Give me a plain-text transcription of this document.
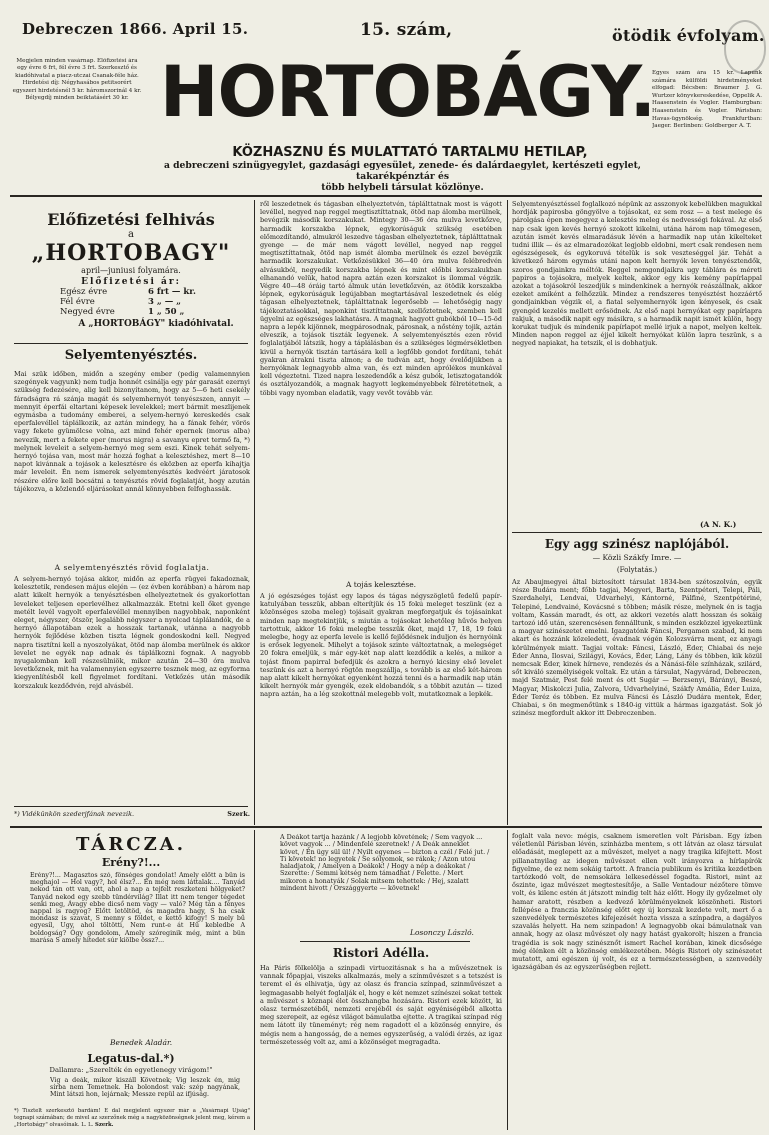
Debreczen 1866. April 15.	15. szám,	ötödik évfolyam.
Megjelen minden vasárnap. Előfizetési ára egy évre 6 frt, fél évre 3 frt. Szerkesztő és kiadóhivatal a piacz-utczai Csanak-féle ház. Hirdetési díj: Négyhasábos petitsorért egyszeri hirdetésnél 5 kr. háromszorinál 4 kr. Bélyegdíj minden beiktatásért 30 kr.
Egyes szám ára 15 kr. Lapunk számára külföldi hirdetményeket elfogad: Bécsben: Braumer J. G. Wurtzer könyvkereskedése, Oppelik A. Haasenstein és Vogler. Hamburgban: Haasenstein és Vogler. Párisban: Havas-ügynökség. Frankfurtban: Jaeger. Berlinben: Goldberger A. T.
HORTOBÁGY.
KÖZHASZNU ÉS MULATTATÓ TARTALMU HETILAP,
a debreczeni szinügyegylet, gazdasági egyesület, zenede- és dalárdaegylet, kertészeti egylet, takarékpénztár és
több helybeli társulat közlönye.
Előfizetési felhivás
a
„HORTOBAGY"
april—juniusi folyamára.
Előfizetési ár:
Egész évre	6 frt — kr.
Fél évre	3 „ — „
Negyed évre	1 „ 50 „
A „HORTOBÁGY" kiadóhivatal.
Selyemtenyésztés.
Mai szük időben, midőn a szegény ember (pedig valamennyien szegények vagyunk) nem tudja honnét csinálja egy pár garasát ezernyi szükség fedezésére, alig kell bizonyítanom, hogy az 5—6 heti csekély fáradságra rá szánja magát és selyemhernyót tenyészszen, annyit — mennyit éperfái eltartani képesek levelekkel; mert bármit meszlijenek egymásba a tudomány emberei, a selyem-hernyó kereskedés csak eperfalevéllel táplálkozik, az aztán mindegy, ha a fának fehér, vörös vagy fekete gyümölcse volna, azt mind fehér epernek (morus alba) nevezik, mert a fekete eper (morus nigra) a savanyu epret termő fa, *) melynek leveleit a selyem-hernyó meg sem eszi. Kinek tehát selyem-hernyó tojása van, most már hozzá foghat a kelesztéshez, mert 8—10 napot kivánnak a tojások a kelesztésre és eközben az eperfa kihajtja már leveleit. Én nem ismerek selyemtenyésztés kedvéért járatosok részére előre kell bocsátni a tenyésztés rövid foglalatját, hogy azután tájékozva, a közlendő eljárásokat annál könnyebben felfoghassák.
A selyemtenyésztés rövid foglalatja.
A selyem-hernyó tojása akkor, midőn az eperfa rügyei fakadoznak, kelesztetik, rendesen május elején — (ez évben korábban) a három nap alatt kikelt hernyók a tenyésztésben elhelyeztetnek és gyakorlottan leveleket teljesen eperlevélhez alkalmazzák. Etetni kell őket gyenge metélt levél vagyolt eperfalevéllel mennyiben nagyobbak, naponként eleget, négyszer, ötször, legalább négyszer a nyolcad táplálandók, de a hernyó állapotában ezek a hosszak tartanak, utánna a nagyobb hernyók fejlődése közben tiszta légnek gondoskodni kell. Negyed napra tisztítni kell a nyoszolyákat, ötöd nap álomba merülnek és akkor levelet ne egyék nap adnak és táplálkozni fognak. A nagyobb nyugalomban kell részesülniök, mikor azután 24—30 óra mulva levetkőznek, mit ha valamennyien egyszerre tesznek meg, az egyforma kiegyenlítésből kell figyelmet fordítani. Vetkőzés után második korszakuk kezdődvén, rejd alvásbél.
*) Vidékünkön szederjfának nevezik.	Szerk.
ről leszedetnek és tágasban elhelyeztetvén, táplálttatnak most is vágott levéllel, negyed nap reggel megtisztíttatnak, ötöd nap álomba merülnek, bevégzik második korszakukat. Mintegy 30—36 óra mulva levetkőzve, harmadik korszakba lépnek, egykorúságuk szükség esetében előmozdítandó, almukról leszedve tágasban elhelyeztetnek, táplálttatnak gyenge — de már nem vágott levéllel, negyed nap reggel megtisztíttatnak, ötöd nap ismét álomba merülnek és ezzel bevégzik harmadik korszakukat. Vetkőzésükkel 36—40 óra mulva felébredvén alvásukból, negyedik korszakba lépnek és mint előbbi korszakukban elhanandó velük, hatod napra aztán ezen korszakot is ilommal végzik. Végre 40—48 óráig tartó álmuk után levetkőzvén, az ötödik korszakba lépnek, egykorúságuk legújabban megtartásával leszedetnek és elég tágasan elhelyeztetnek, táplálttatnak legerősebb — lehetőségig nagy tájékoztatásokkal, naponkint tisztíttatnak, szellőztetnek, szemben kell ügyelni az egészséges lakhatásra. A magnak hagyott gubókból 10—15-öd napra a lepék kijönnek, megpárosodnak, párosnak, a nőstény tojik, aztán elveszik, a tojások tiszták legyenek. A selyemtenyésztés ezen rövid foglalatjából látszik, hogy a táplálásban és a szükséges légmérsékletben kivül a hernyók tisztán tartására kell a legfőbb gondot fordítani, tehát gyakran átrakni tiszta almon; a de tudván azt, hogy évelődjükben a hernyóknak legnagyobb alma van, és ezt minden aprólékos munkával kell végeztetni. Tized napra leszedendők a kész gubók, letisztogatandók és osztályozandók, a magnak hagyott legkeményebbek félretétetnek, a többi vagy nyomban eladatik, vagy vevőt tovább vár.
A tojás kelesztése.
A jó egészséges tojást egy lapos és tágas négyszögletű fedelű papír-katulyában tesszük, abban elterítjük és 15 fokú meleget teszünk (ez a közönséges szoba meleg) tojásait gyakran megforgatjuk és tojásainkat minden nap megtekintjük, s miután a tojásokat lehetőleg hűvös helyen tartottuk, akkor 16 fokú melegbe tesszük őket, majd 17, 18, 19 fokú melegbe, hogy az eperfa levele is kellő fejlődésnek induljon és hernyóink is erősek legyenek. Mihelyt a tojások szinte változtatnak, a melegséget 20 fokra emeljük, s már egy-két nap alatt kezdődik a kelés, a mikor a tojást finom papirral befedjük és azokra a hernyó kicsiny első levelet teszünk és azt a hernyó rögtön megszállja, s tovább is az első két-három nap alatt kikelt hernyókat egyenként hozzá tenni és a harmadik nap után kikelt hernyók már gyengék, ezek eldobandók, s a többit azután — tized napra aztán, ha a lég szokottnál melegebb volt, mutatkoznak a lepkék.
Selyemtenyésztéssel foglalkozó népünk az asszonyok kebelükben magukkal hordják papirosba göngyölve a tojásokat, ez sem rosz — a test melege és párolgása épen megegyez a kelesztés meleg és nedvességi fokával. Az első nap csak igen kevés hernyó szokott kikelni, utána három nap tömegesen, azután ismét kevés elmaradásuk lévén a harmadik nap után kikelteket tudni illik — és az elmaradozókat legjobb eldobni, mert csak rendesen nem egészségesek, és egykoruvá tételük is sok veszteséggel jár. Tehát a kivetkező három egymás utáni napon kelt hernyók leven tenyésztendők, szoros gondjainkra méltók. Reggel nemgondjaikra ugy táblára és méreti papiros a tojásokra, melyek keltek, akkor egy kis kemény papírlappal azokat a tojásokról leszedjük s mindenkinek a hernyók reászállnak, akkor ezeket amiként a felhőzzük. Mindez a rendszeres tenyésztést hozzáértő gondjainkban végzik el, a fiatal selyemhernyók igen kényesek, és csak gyengéd kezelés mellett erősödnek. Az első napi hernyókat egy papírlapra rakjuk, a második napit egy másikra, s a harmadik napit ismét külön, hogy korukat tudjuk és mindenik papírlapot mellé irjuk a napot, melyen keltek. Minden napon reggel az éjjel kikelt hernyókat külön lapra teszünk, s a negyed napiakat, ha tetszik, el is dobhatjuk.
(A N. K.)
Egy agg szinész naplójából.
— Közli Szákfy Imre. —
(Folytatás.)
Az Abaujmegyei által biztosított társulat 1834-ben szétoszolván, egyik része Budára ment; főbb tagjai, Megyeri, Barta, Szentpéteri, Telepi, Páli, Szerdahelyi, Lendvai, Udvarhelyi, Kántorné, Pálfiné, Szentpétériné, Telepiné, Lendvainé, Kovácsné s többen; másik része, melynek én is tagja voltam, Kassán maradt, és ott, az akkori vezetés alatt hosszan és sokáig tartozó idő után, szerencsésen fennálltunk, s minden eszközzel igyekeztünk a magyar szinészetet emelni. Igazgatónk Fáncsi, Pergamen szabad, ki nem akart és hozzánk közeledett, évadnak végén Kolozsvárra ment, ez anyagi körülmények miatt. Tagjai voltak: Fáncsi, László, Éder, Chiabai és neje Éder Anna, Ilosvai, Szilágyi, Kovács, Éder, Láng, Lány és többen, kik közül nemcsak Éder, kinek hírneve, rendezés és a Nánási-féle színházak, szilárd, sőt kiváló személyiségek voltak. Ez után a társulat, Nagyvárad, Debreczen, majd Szatmár, Pest felé ment és ott Sugár — Berzsenyi, Bárányi, Beszé, Magyar, Miskolczi Julia, Zalvora, Udvarhelyiné, Szákfy Amália, Éder Luiza, Éder Teréz és többen. Ez mulva Fáncsi és László Dudára mentek, Éder, Chiabai, s ön megmenőtünk s 1840-ig vittük a hármas igazgatást. Sok jó szinész megfordult akkor itt Debreczenben.
TÁRCZA.
Erény?!...
Erény?!... Magasztos szó, fönséges gondolat! Amely előtt a bün is meghajol — Hol vagy?, hol élsz?... Én még nem láttalak.... Tanyád nekod tán ott van, ott, ahol a nap a tejfelt reszketeni hölgyeket? Tanyád nekod egy szebb tündérvilág? Illat itt nem tenger tégedet senki meg, Ávagy ebbe dicső nem vagy — való? Még tán a fényes nappal is ragyog? Előtt letöltöd, és magadra hagy, S ha csak mondasz is szavat, S menny s földet, e kettő kifogy! S mely bű egyesíl, Ugy, ahol töltötti, Nem runt-e át Hű kebledbe A boldogság? Ógy gondolom, Amely szóreginik még, mint a bün marása S amely hitedet súr kiölbe össz?...
Benedek Aladár.
Legatus-dal.*)
Dallamra: „Szerelték én egyetlenegy virágom!"
Vig a deák, mikor kiszáll Követnek; Vig leszek én, mig sírba nem Temetnek. Ha bolondost vak: szép nagyának, Mint látszi hon, lejárnak; Messze repül az ifjúság.
*) Tisztelt szerkesztő bardám! E dal megjelent egyszer már a „Vasárnapi Ujság" tegnapi számában; de mivel az szerzőnek még a nagyközönségnek jelent meg, kérem a „Hortobágy" olvasóinak. L. L. Szerk.
A Deákot tartja hazánk / A legjobb követének; / Sem vagyok ... követ vagyok ... / Mindenfelé szeretnek! / A Deák anneklet követ, / Én ügy sül ül! / Nyilt egyenes — bizton a czél / Felé jut. / Ti követek! no legyetek / Se sólyomok, se rákok; / Azon utou haladjatok, / Amelyen a Deákok! / Hogy a nép a deákokat / Szerette: / Semmi kétség nem támadhat / Felette. / Mert mikoron a honatyák / Solak mitsem tehettek: / Hej, szalatt mindent hivott / Országgyerte — követnek!
Losonczy László.
Ristori Adélla.
Ha Páris fölkelölja a szinpadi virtuozitásnak s ha a művészetnek is vannak főpapjai, viszeks alkalmazás, mely a színművészet s a tetszést is teremt el és elhivatja, úgy az olasz és francia színpad, szinművészet a legmagasabb helyét foglalják el, hogy e két nemzet színészei sokat tettek a művészet s köznapi élet összhangba hozására. Ristori ezek között, ki olasz természetéből, nemzeti erejéből és saját egyéniségéből alkotta meg szerepeit, az egész világot bámulatba ejtette. A tragikai színpad rég nem látott ily tüneményt; rég nem ragadott el a közönség ennyire, és mégis nem a hangosság, de a nemes egyszerűség, a valódi érzés, az igaz természetesség volt az, ami a közönséget megragadta.
foglalt vala nevo: mégis, csaknem ismeretlen volt Párisban. Egy ízben véletlenül Párisban lévén, szinházba mentem, s ott látván az olasz társulat előadását, meglepett az a művészet, melyet a nagy tragika kifejtett. Most pillanatnyilag az idegen művészet ellen volt irányozva a hírlapírók figyelme, de ez nem sokáig tartott. A francia publikum és kritika kezdetben tartózkodó volt, de nemsokára lelkesedéssel fogadta. Ristori, mint az őszinte, igaz művészet megtestesítője, a Salle Ventadour nézőtere tömve volt, és kilenc estén át játszott mindig telt ház előtt. Hogy ily győzelmet oly hamar aratott, részben a kedvező körülményeknek köszönheti. Ristori fellépése a franczia közönség előtt egy új korszak kezdete volt, mert ő a szenvedélyek természetes kifejezését hozta vissza a színpadra, a dagályos szavalás helyett. Ha nem szinpadon! A legnagyobb okai bámulatnak van annak, hogy az olasz művészet oly nagy hatást gyakorolt; hiszen a francia tragédia is sok nagy szinésznőt ismert Rachel korában, kinek dicsősége még élénken élt a közönség emlékezetében. Mégis Ristori oly szinészetet mutatott, ami egészen új volt, és ez a természetességben, a szenvedély igazságában és az egyszerűségben rejlett.
